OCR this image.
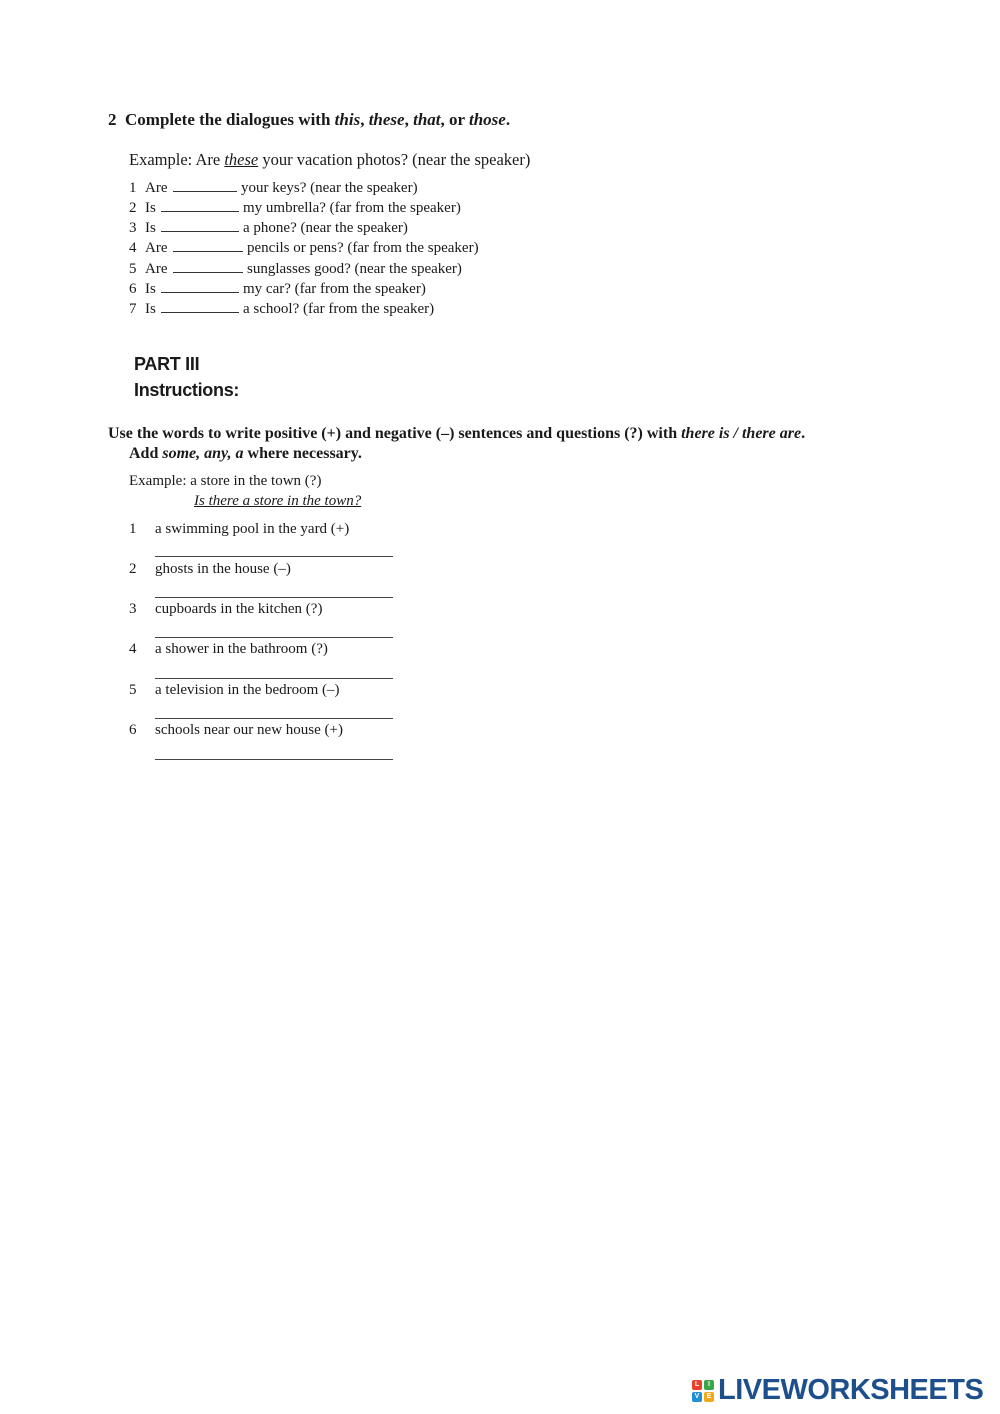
2 Complete the dialogues with this, these, that, or those.
Example: Are these your vacation photos? (near the speaker)
1 Are	your keys? (near the speaker)
2 Is	my umbrella? (far from the speaker)
3 Is	a phone? (near the speaker)
4 Are	pencils or pens? (far from the speaker)
5 Are	sunglasses good? (near the speaker)
6 Is	my car? (far from the speaker)
7 Is	a school? (far from the speaker)
PART III
Instructions:
Use the words to write positive (+) and negative (–) sentences and questions (?) with there is / there are.
Add some, any, a where necessary.
Example: a store in the town (?)
Is there a store in the town?
1 a swimming pool in the yard (+)
2 ghosts in the house (–)
3 cupboards in the kitchen (?)
4 a shower in the bathroom (?)
5 a television in the bedroom (–)
6 schools near our new house (+)
L	I
V	E LIVEWORKSHEETS
